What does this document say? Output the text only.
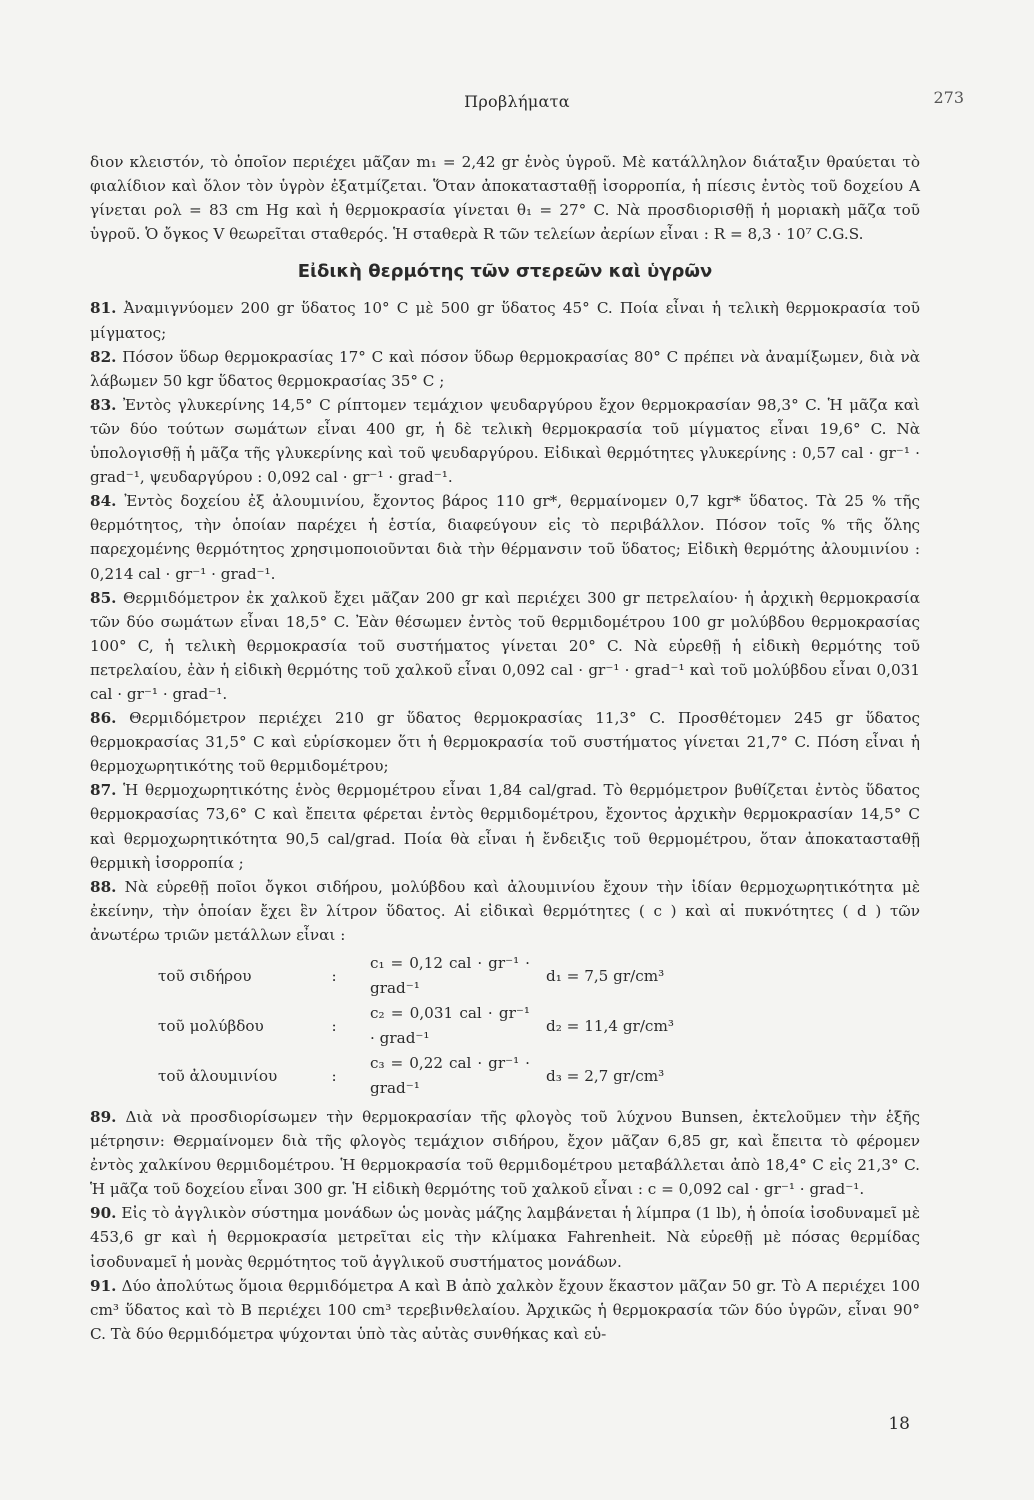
Προβλήματα	273

διον κλειστόν, τὸ ὁποῖον περιέχει μᾶζαν m₁ = 2,42 gr ἑνὸς ὑγροῦ. Μὲ κατάλληλον διάταξιν θραύεται τὸ φιαλίδιον καὶ ὅλον τὸν ὑγρὸν ἐξατμίζεται. Ὅταν ἀποκατασταθῇ ἰσορροπία, ἡ πίεσις ἐντὸς τοῦ δοχείου A γίνεται ρολ = 83 cm Hg καὶ ἡ θερμοκρασία γίνεται θ₁ = 27° C. Νὰ προσδιορισθῇ ἡ μοριακὴ μᾶζα τοῦ ὑγροῦ. Ὁ ὄγκος V θεωρεῖται σταθερός. Ἡ σταθερὰ R τῶν τελείων ἀερίων εἶναι : R = 8,3 · 10⁷ C.G.S.

Εἰδικὴ θερμότης τῶν στερεῶν καὶ ὑγρῶν

81. Ἀναμιγνύομεν 200 gr ὕδατος 10° C μὲ 500 gr ὕδατος 45° C. Ποία εἶναι ἡ τελικὴ θερμοκρασία τοῦ μίγματος;

82. Πόσον ὕδωρ θερμοκρασίας 17° C καὶ πόσον ὕδωρ θερμοκρασίας 80° C πρέπει νὰ ἀναμίξωμεν, διὰ νὰ λάβωμεν 50 kgr ὕδατος θερμοκρασίας 35° C ;

83. Ἐντὸς γλυκερίνης 14,5° C ρίπτομεν τεμάχιον ψευδαργύρου ἔχον θερμοκρασίαν 98,3° C. Ἡ μᾶζα καὶ τῶν δύο τούτων σωμάτων εἶναι 400 gr, ἡ δὲ τελικὴ θερμοκρασία τοῦ μίγματος εἶναι 19,6° C. Νὰ ὑπολογισθῇ ἡ μᾶζα τῆς γλυκερίνης καὶ τοῦ ψευδαργύρου. Εἰδικαὶ θερμότητες γλυκερίνης : 0,57 cal · gr⁻¹ · grad⁻¹, ψευδαργύρου : 0,092 cal · gr⁻¹ · grad⁻¹.

84. Ἐντὸς δοχείου ἐξ ἀλουμινίου, ἔχοντος βάρος 110 gr*, θερμαίνομεν 0,7 kgr* ὕδατος. Τὰ 25 % τῆς θερμότητος, τὴν ὁποίαν παρέχει ἡ ἑστία, διαφεύγουν εἰς τὸ περιβάλλον. Πόσον τοῖς % τῆς ὅλης παρεχομένης θερμότητος χρησιμοποιοῦνται διὰ τὴν θέρμανσιν τοῦ ὕδατος; Εἰδικὴ θερμότης ἀλουμινίου : 0,214 cal · gr⁻¹ · grad⁻¹.

85. Θερμιδόμετρον ἐκ χαλκοῦ ἔχει μᾶζαν 200 gr καὶ περιέχει 300 gr πετρελαίου· ἡ ἀρχικὴ θερμοκρασία τῶν δύο σωμάτων εἶναι 18,5° C. Ἐὰν θέσωμεν ἐντὸς τοῦ θερμιδομέτρου 100 gr μολύβδου θερμοκρασίας 100° C, ἡ τελικὴ θερμοκρασία τοῦ συστήματος γίνεται 20° C. Νὰ εὑρεθῇ ἡ εἰδικὴ θερμότης τοῦ πετρελαίου, ἐὰν ἡ εἰδικὴ θερμότης τοῦ χαλκοῦ εἶναι 0,092 cal · gr⁻¹ · grad⁻¹ καὶ τοῦ μολύβδου εἶναι 0,031 cal · gr⁻¹ · grad⁻¹.

86. Θερμιδόμετρον περιέχει 210 gr ὕδατος θερμοκρασίας 11,3° C. Προσθέτομεν 245 gr ὕδατος θερμοκρασίας 31,5° C καὶ εὑρίσκομεν ὅτι ἡ θερμοκρασία τοῦ συστήματος γίνεται 21,7° C. Πόση εἶναι ἡ θερμοχωρητικότης τοῦ θερμιδομέτρου;

87. Ἡ θερμοχωρητικότης ἑνὸς θερμομέτρου εἶναι 1,84 cal/grad. Τὸ θερμόμετρον βυθίζεται ἐντὸς ὕδατος θερμοκρασίας 73,6° C καὶ ἔπειτα φέρεται ἐντὸς θερμιδομέτρου, ἔχοντος ἀρχικὴν θερμοκρασίαν 14,5° C καὶ θερμοχωρητικότητα 90,5 cal/grad. Ποία θὰ εἶναι ἡ ἔνδειξις τοῦ θερμομέτρου, ὅταν ἀποκατασταθῇ θερμικὴ ἰσορροπία ;

88. Νὰ εὑρεθῇ ποῖοι ὄγκοι σιδήρου, μολύβδου καὶ ἀλουμινίου ἔχουν τὴν ἰδίαν θερμοχωρητικότητα μὲ ἐκείνην, τὴν ὁποίαν ἔχει ἓν λίτρον ὕδατος. Αἱ εἰδικαὶ θερμότητες ( c ) καὶ αἱ πυκνότητες ( d ) τῶν ἀνωτέρω τριῶν μετάλλων εἶναι :

τοῦ σιδήρου	:	c₁ = 0,12 cal · gr⁻¹ · grad⁻¹	d₁ = 7,5 gr/cm³
τοῦ μολύβδου	:	c₂ = 0,031 cal · gr⁻¹ · grad⁻¹	d₂ = 11,4 gr/cm³
τοῦ ἀλουμινίου	:	c₃ = 0,22 cal · gr⁻¹ · grad⁻¹	d₃ = 2,7 gr/cm³

89. Διὰ νὰ προσδιορίσωμεν τὴν θερμοκρασίαν τῆς φλογὸς τοῦ λύχνου Bunsen, ἐκτελοῦμεν τὴν ἑξῆς μέτρησιν: Θερμαίνομεν διὰ τῆς φλογὸς τεμάχιον σιδήρου, ἔχον μᾶζαν 6,85 gr, καὶ ἔπειτα τὸ φέρομεν ἐντὸς χαλκίνου θερμιδομέτρου. Ἡ θερμοκρασία τοῦ θερμιδομέτρου μεταβάλλεται ἀπὸ 18,4° C εἰς 21,3° C. Ἡ μᾶζα τοῦ δοχείου εἶναι 300 gr. Ἡ εἰδικὴ θερμότης τοῦ χαλκοῦ εἶναι : c = 0,092 cal · gr⁻¹ · grad⁻¹.

90. Εἰς τὸ ἀγγλικὸν σύστημα μονάδων ὡς μονὰς μάζης λαμβάνεται ἡ λίμπρα (1 lb), ἡ ὁποία ἰσοδυναμεῖ μὲ 453,6 gr καὶ ἡ θερμοκρασία μετρεῖται εἰς τὴν κλίμακα Fahrenheit. Νὰ εὑρεθῇ μὲ πόσας θερμίδας ἰσοδυναμεῖ ἡ μονὰς θερμότητος τοῦ ἀγγλικοῦ συστήματος μονάδων.

91. Δύο ἀπολύτως ὅμοια θερμιδόμετρα A καὶ B ἀπὸ χαλκὸν ἔχουν ἕκαστον μᾶζαν 50 gr. Τὸ A περιέχει 100 cm³ ὕδατος καὶ τὸ B περιέχει 100 cm³ τερεβινθελαίου. Ἀρχικῶς ἡ θερμοκρασία τῶν δύο ὑγρῶν, εἶναι 90° C. Τὰ δύο θερμιδόμετρα ψύχονται ὑπὸ τὰς αὐτὰς συνθήκας καὶ εὑ-

18
